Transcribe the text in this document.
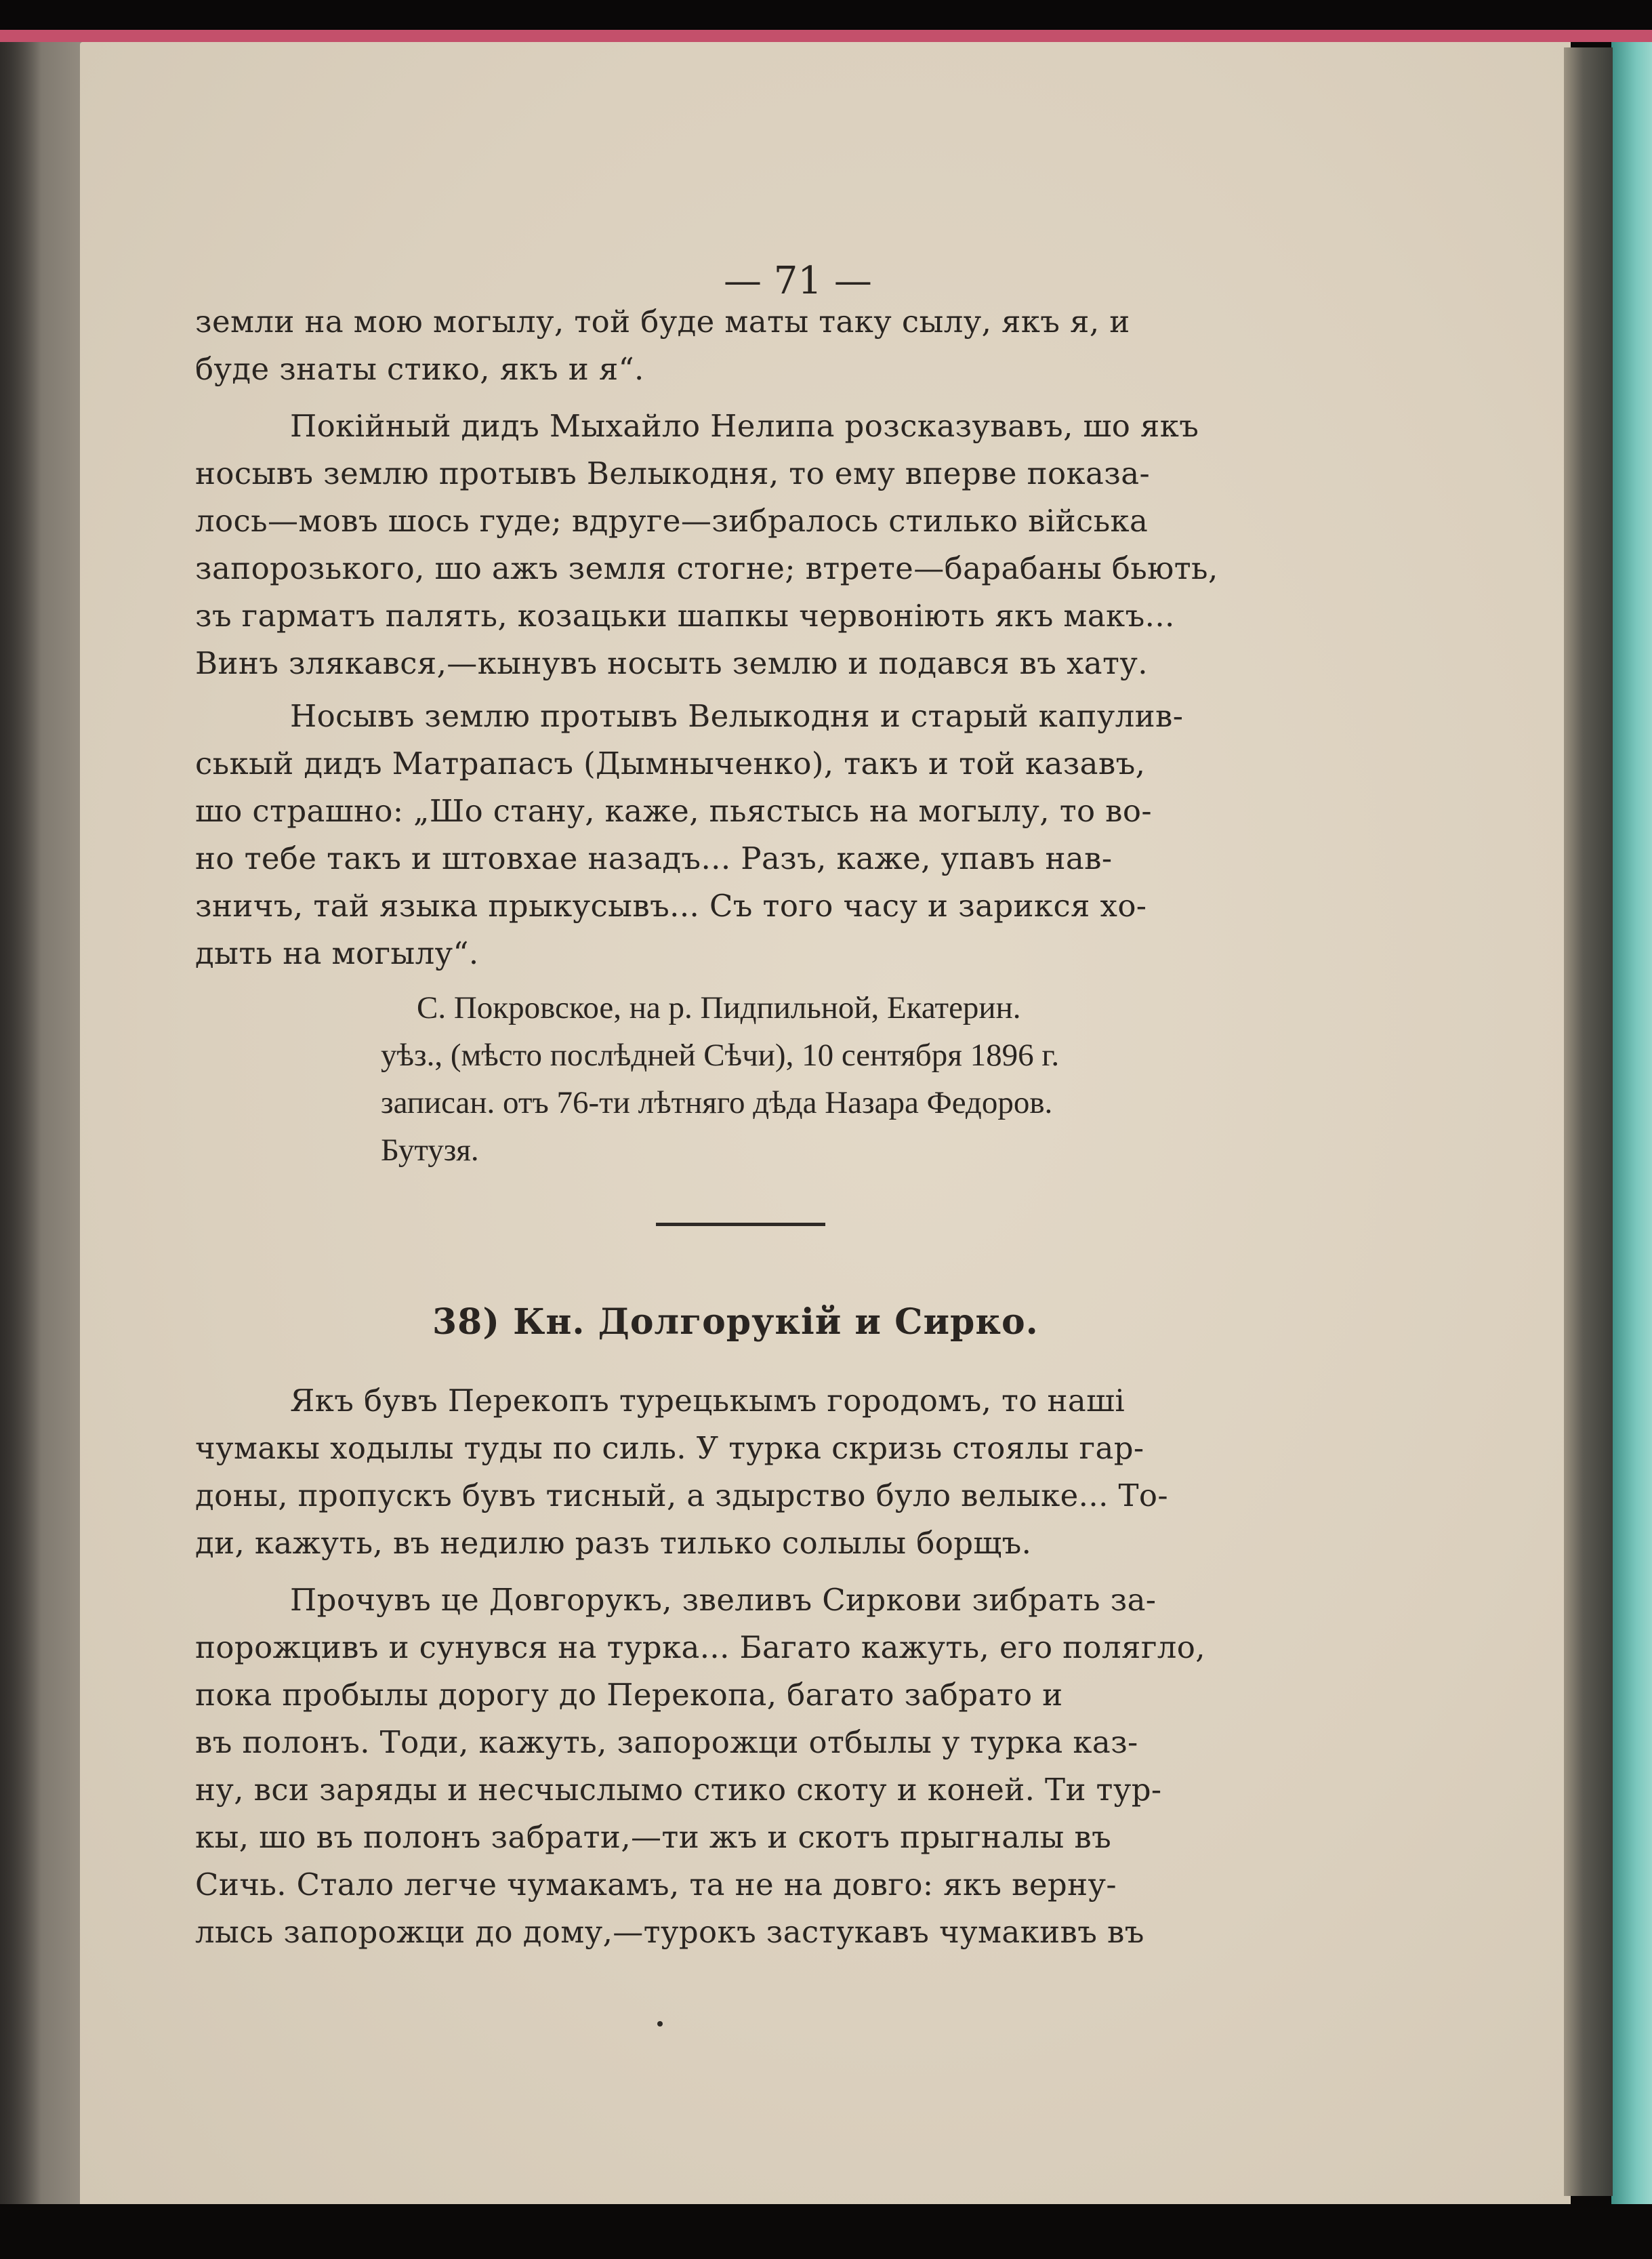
— 71 —
земли на мою могылу, той буде маты таку сылу, якъ я, и
буде знаты стико, якъ и я“.
Покiйный дидъ Мыхайло Нелипа розсказувавъ, шо якъ
носывъ землю протывъ Велыкодня, то ему вперве показа-
лось—мовъ шось гуде; вдруге—зибралось стилько вiйська
запорозького, шо ажъ земля стогне; втрете—барабаны бьють,
зъ гарматъ палять, козацьки шапкы червонiють якъ макъ...
Винъ злякався,—кынувъ носыть землю и подався въ хату.
Носывъ землю протывъ Велыкодня и старый капулив-
ськый дидъ Матрапасъ (Дымныченко), такъ и той казавъ,
шо страшно: „Шо стану, каже, пьястысь на могылу, то во-
но тебе такъ и штовхае назадъ... Разъ, каже, упавъ нав-
зничъ, тай языка прыкусывъ... Съ того часу и зарикся хо-
дыть на могылу“.
С. Покровское, на р. Пидпильной, Екатерин.
уѣз., (мѣсто послѣдней Сѣчи), 10 сентября 1896 г.
записан. отъ 76-ти лѣтняго дѣда Назара Федоров.
Бутузя.
38) Кн. Долгорукiй и Сирко.
Якъ бувъ Перекопъ турецькымъ городомъ, то нашi
чумакы ходылы туды по силь. У турка скризь стоялы гар-
доны, пропускъ бувъ тисный, а здырство було велыке... То-
ди, кажуть, въ недилю разъ тилько солылы борщъ.
Прочувъ це Довгорукъ, звеливъ Сиркови зибрать за-
порожцивъ и сунувся на турка... Багато кажуть, его полягло,
пока пробылы дорогу до Перекопа, багато забрато и
въ полонъ. Тоди, кажуть, запорожци отбылы у турка каз-
ну, вси заряды и несчыслымо стико скоту и коней. Ти тур-
кы, шо въ полонъ забрати,—ти жъ и скотъ прыгналы въ
Сичь. Стало легче чумакамъ, та не на довго: якъ верну-
лысь запорожци до дому,—турокъ застукавъ чумакивъ въ
